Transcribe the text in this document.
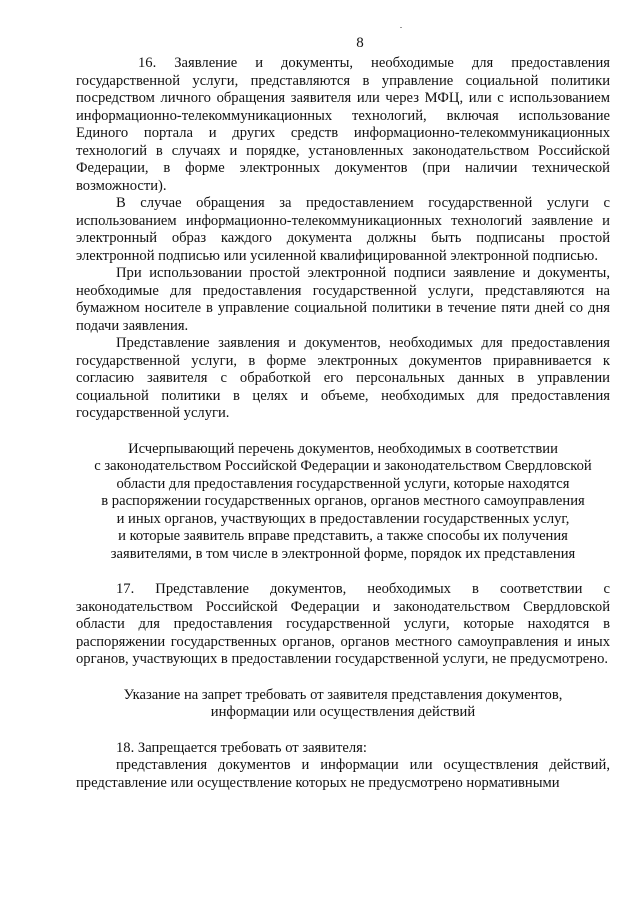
8

16. Заявление и документы, необходимые для предоставления государственной услуги, представляются в управление социальной политики посредством личного обращения заявителя или через МФЦ, или с использованием информационно-телекоммуникационных технологий, включая использование Единого портала и других средств информационно-телекоммуникационных технологий в случаях и порядке, установленных законодательством Российской Федерации, в форме электронных документов (при наличии технической возможности).

В случае обращения за предоставлением государственной услуги с использованием информационно-телекоммуникационных технологий заявление и электронный образ каждого документа должны быть подписаны простой электронной подписью или усиленной квалифицированной электронной подписью.

При использовании простой электронной подписи заявление и документы, необходимые для предоставления государственной услуги, представляются на бумажном носителе в управление социальной политики в течение пяти дней со дня подачи заявления.

Представление заявления и документов, необходимых для предоставления государственной услуги, в форме электронных документов приравнивается к согласию заявителя с обработкой его персональных данных в управлении социальной политики в целях и объеме, необходимых для предоставления государственной услуги.

Исчерпывающий перечень документов, необходимых в соответствии

с законодательством Российской Федерации и законодательством Свердловской

области для предоставления государственной услуги, которые находятся

в распоряжении государственных органов, органов местного самоуправления

и иных органов, участвующих в предоставлении государственных услуг,

и которые заявитель вправе представить, а также способы их получения

заявителями, в том числе в электронной форме, порядок их представления

17. Представление документов, необходимых в соответствии с законодательством Российской Федерации и законодательством Свердловской области для предоставления государственной услуги, которые находятся в распоряжении государственных органов, органов местного самоуправления и иных органов, участвующих в предоставлении государственной услуги, не предусмотрено.

Указание на запрет требовать от заявителя представления документов,

информации или осуществления действий

18. Запрещается требовать от заявителя:

представления документов и информации или осуществления действий, представление или осуществление которых не предусмотрено нормативными
